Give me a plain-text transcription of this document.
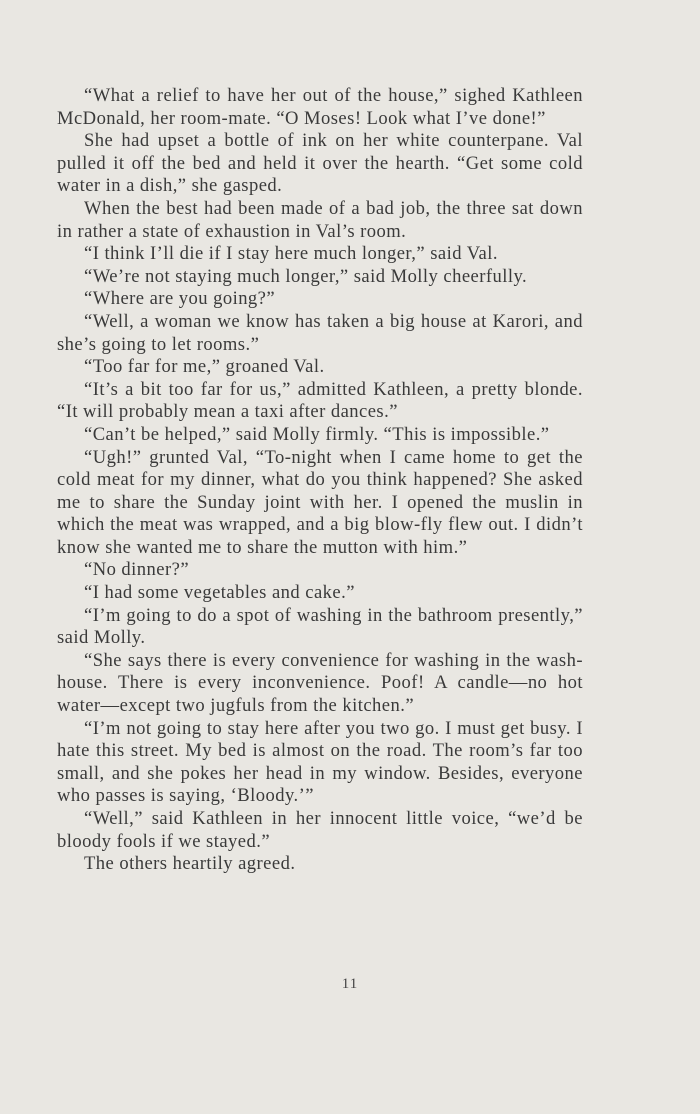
“What a relief to have her out of the house,” sighed Kathleen McDonald, her room-mate. “O Moses! Look what I’ve done!”

She had upset a bottle of ink on her white counterpane. Val pulled it off the bed and held it over the hearth. “Get some cold water in a dish,” she gasped.

When the best had been made of a bad job, the three sat down in rather a state of exhaustion in Val’s room.

“I think I’ll die if I stay here much longer,” said Val.

“We’re not staying much longer,” said Molly cheerfully.

“Where are you going?”

“Well, a woman we know has taken a big house at Karori, and she’s going to let rooms.”

“Too far for me,” groaned Val.

“It’s a bit too far for us,” admitted Kathleen, a pretty blonde. “It will probably mean a taxi after dances.”

“Can’t be helped,” said Molly firmly. “This is impossible.”

“Ugh!” grunted Val, “To-night when I came home to get the cold meat for my dinner, what do you think happened? She asked me to share the Sunday joint with her. I opened the muslin in which the meat was wrapped, and a big blow-fly flew out. I didn’t know she wanted me to share the mutton with him.”

“No dinner?”

“I had some vegetables and cake.”

“I’m going to do a spot of washing in the bathroom presently,” said Molly.

“She says there is every convenience for washing in the wash-house. There is every inconvenience. Poof! A candle—no hot water—except two jugfuls from the kitchen.”

“I’m not going to stay here after you two go. I must get busy. I hate this street. My bed is almost on the road. The room’s far too small, and she pokes her head in my window. Besides, everyone who passes is saying, ‘Bloody.’”

“Well,” said Kathleen in her innocent little voice, “we’d be bloody fools if we stayed.”

The others heartily agreed.

11
